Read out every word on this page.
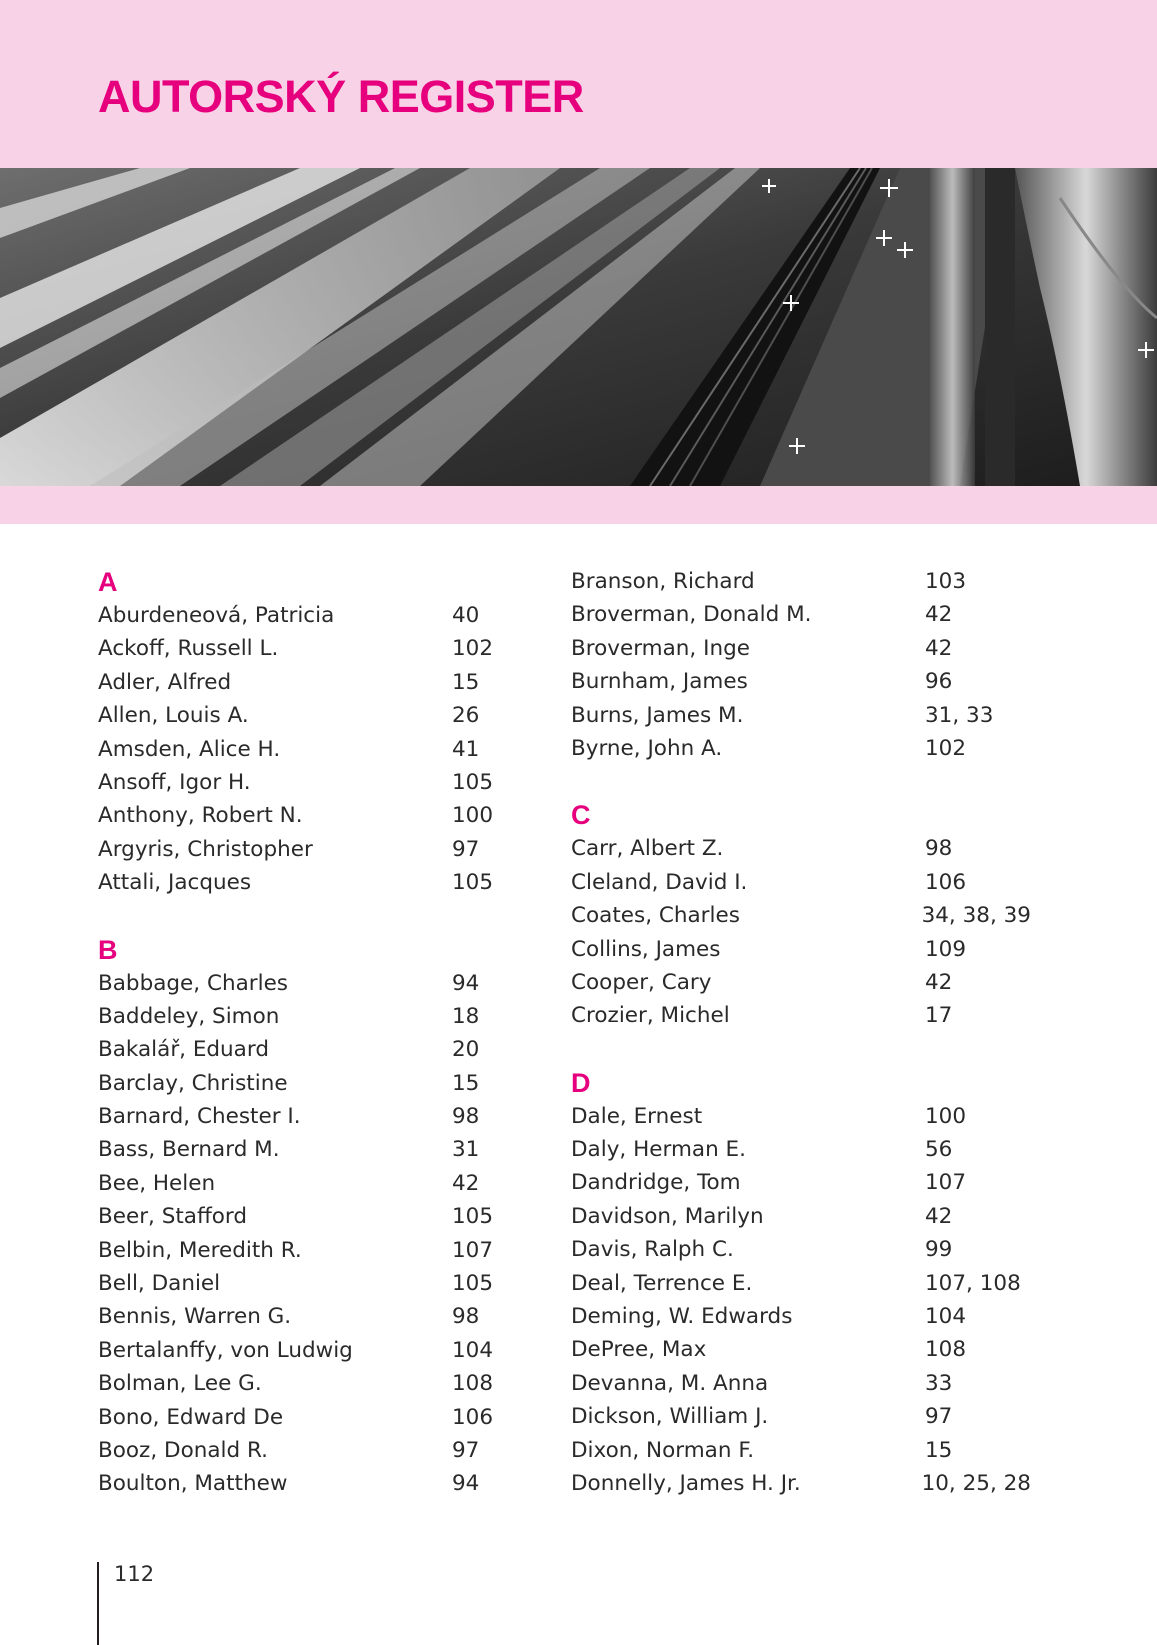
AUTORSKÝ REGISTER
A
Aburdeneová, Patricia	40
Ackoff, Russell L.	102
Adler, Alfred	15
Allen, Louis A.	26
Amsden, Alice H.	41
Ansoff, Igor H.	105
Anthony, Robert N.	100
Argyris, Christopher	97
Attali, Jacques	105
B
Babbage, Charles	94
Baddeley, Simon	18
Bakalář, Eduard	20
Barclay, Christine	15
Barnard, Chester I.	98
Bass, Bernard M.	31
Bee, Helen	42
Beer, Stafford	105
Belbin, Meredith R.	107
Bell, Daniel	105
Bennis, Warren G.	98
Bertalanffy, von Ludwig	104
Bolman, Lee G.	108
Bono, Edward De	106
Booz, Donald R.	97
Boulton, Matthew	94
Branson, Richard	103
Broverman, Donald M.	42
Broverman, Inge	42
Burnham, James	96
Burns, James M.	31, 33
Byrne, John A.	102
C
Carr, Albert Z.	98
Cleland, David I.	106
Coates, Charles	34, 38, 39
Collins, James	109
Cooper, Cary	42
Crozier, Michel	17
D
Dale, Ernest	100
Daly, Herman E.	56
Dandridge, Tom	107
Davidson, Marilyn	42
Davis, Ralph C.	99
Deal, Terrence E.	107, 108
Deming, W. Edwards	104
DePree, Max	108
Devanna, M. Anna	33
Dickson, William J.	97
Dixon, Norman F.	15
Donnelly, James H. Jr.	10, 25, 28
112
